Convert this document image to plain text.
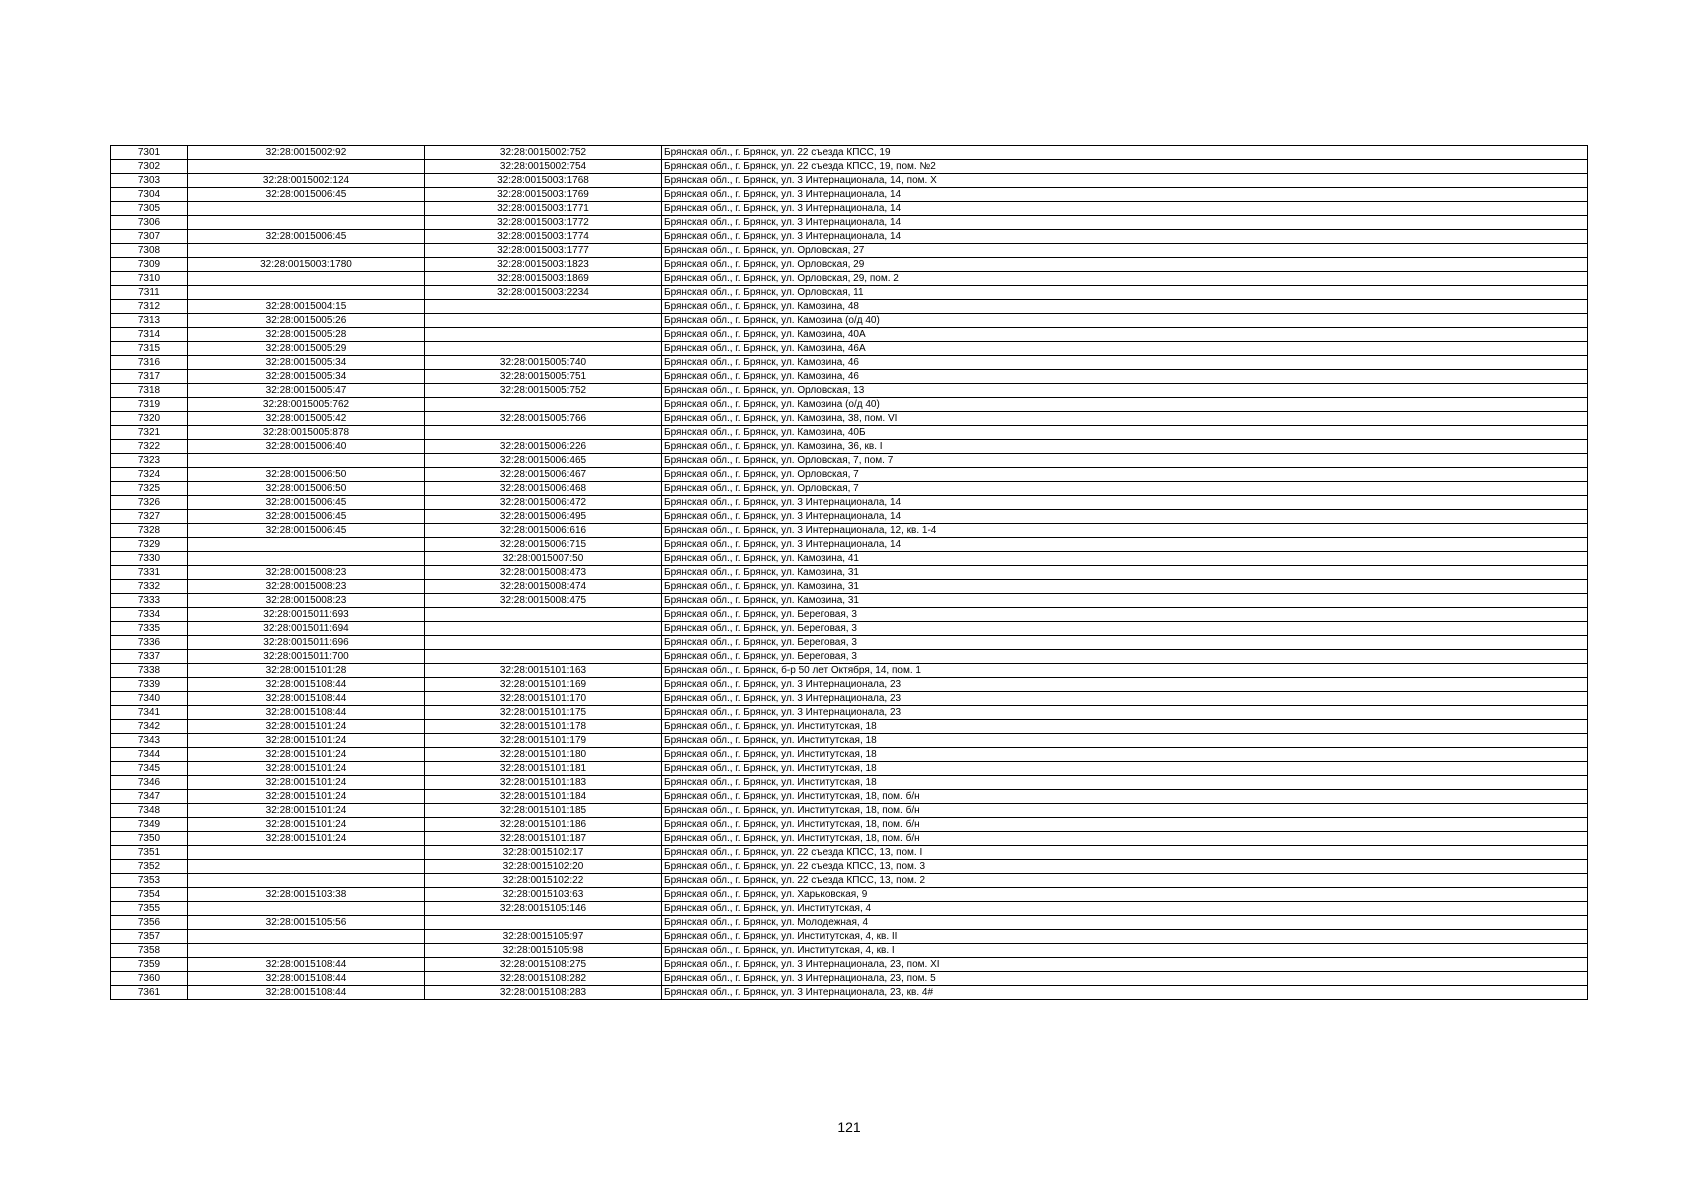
7301	32:28:0015002:92	32:28:0015002:752	Брянская обл., г. Брянск, ул. 22 съезда КПСС, 19
7302		32:28:0015002:754	Брянская обл., г. Брянск, ул. 22 съезда КПСС, 19, пом. №2
7303	32:28:0015002:124	32:28:0015003:1768	Брянская обл., г. Брянск, ул. 3 Интернационала, 14, пом. X
7304	32:28:0015006:45	32:28:0015003:1769	Брянская обл., г. Брянск, ул. 3 Интернационала, 14
7305		32:28:0015003:1771	Брянская обл., г. Брянск, ул. 3 Интернационала, 14
7306		32:28:0015003:1772	Брянская обл., г. Брянск, ул. 3 Интернационала, 14
7307	32:28:0015006:45	32:28:0015003:1774	Брянская обл., г. Брянск, ул. 3 Интернационала, 14
7308		32:28:0015003:1777	Брянская обл., г. Брянск, ул. Орловская, 27
7309	32:28:0015003:1780	32:28:0015003:1823	Брянская обл., г. Брянск, ул. Орловская, 29
7310		32:28:0015003:1869	Брянская обл., г. Брянск, ул. Орловская, 29, пом. 2
7311		32:28:0015003:2234	Брянская обл., г. Брянск, ул. Орловская, 11
7312	32:28:0015004:15		Брянская обл., г. Брянск, ул. Камозина, 48
7313	32:28:0015005:26		Брянская обл., г. Брянск, ул. Камозина (о/д 40)
7314	32:28:0015005:28		Брянская обл., г. Брянск, ул. Камозина, 40А
7315	32:28:0015005:29		Брянская обл., г. Брянск, ул. Камозина, 46А
7316	32:28:0015005:34	32:28:0015005:740	Брянская обл., г. Брянск, ул. Камозина, 46
7317	32:28:0015005:34	32:28:0015005:751	Брянская обл., г. Брянск, ул. Камозина, 46
7318	32:28:0015005:47	32:28:0015005:752	Брянская обл., г. Брянск, ул. Орловская, 13
7319	32:28:0015005:762		Брянская обл., г. Брянск, ул. Камозина (о/д 40)
7320	32:28:0015005:42	32:28:0015005:766	Брянская обл., г. Брянск, ул. Камозина, 38, пом. VI
7321	32:28:0015005:878		Брянская обл., г. Брянск, ул. Камозина, 40Б
7322	32:28:0015006:40	32:28:0015006:226	Брянская обл., г. Брянск, ул. Камозина, 36, кв. I
7323		32:28:0015006:465	Брянская обл., г. Брянск, ул. Орловская, 7, пом. 7
7324	32:28:0015006:50	32:28:0015006:467	Брянская обл., г. Брянск, ул. Орловская, 7
7325	32:28:0015006:50	32:28:0015006:468	Брянская обл., г. Брянск, ул. Орловская, 7
7326	32:28:0015006:45	32:28:0015006:472	Брянская обл., г. Брянск, ул. 3 Интернационала, 14
7327	32:28:0015006:45	32:28:0015006:495	Брянская обл., г. Брянск, ул. 3 Интернационала, 14
7328	32:28:0015006:45	32:28:0015006:616	Брянская обл., г. Брянск, ул. 3 Интернационала, 12, кв. 1-4
7329		32:28:0015006:715	Брянская обл., г. Брянск, ул. 3 Интернационала, 14
7330		32:28:0015007:50	Брянская обл., г. Брянск, ул. Камозина, 41
7331	32:28:0015008:23	32:28:0015008:473	Брянская обл., г. Брянск, ул. Камозина, 31
7332	32:28:0015008:23	32:28:0015008:474	Брянская обл., г. Брянск, ул. Камозина, 31
7333	32:28:0015008:23	32:28:0015008:475	Брянская обл., г. Брянск, ул. Камозина, 31
7334	32:28:0015011:693		Брянская обл., г. Брянск, ул. Береговая, 3
7335	32:28:0015011:694		Брянская обл., г. Брянск, ул. Береговая, 3
7336	32:28:0015011:696		Брянская обл., г. Брянск, ул. Береговая, 3
7337	32:28:0015011:700		Брянская обл., г. Брянск, ул. Береговая, 3
7338	32:28:0015101:28	32:28:0015101:163	Брянская обл., г. Брянск, б-р 50 лет Октября, 14, пом. 1
7339	32:28:0015108:44	32:28:0015101:169	Брянская обл., г. Брянск, ул. 3 Интернационала, 23
7340	32:28:0015108:44	32:28:0015101:170	Брянская обл., г. Брянск, ул. 3 Интернационала, 23
7341	32:28:0015108:44	32:28:0015101:175	Брянская обл., г. Брянск, ул. 3 Интернационала, 23
7342	32:28:0015101:24	32:28:0015101:178	Брянская обл., г. Брянск, ул. Институтская, 18
7343	32:28:0015101:24	32:28:0015101:179	Брянская обл., г. Брянск, ул. Институтская, 18
7344	32:28:0015101:24	32:28:0015101:180	Брянская обл., г. Брянск, ул. Институтская, 18
7345	32:28:0015101:24	32:28:0015101:181	Брянская обл., г. Брянск, ул. Институтская, 18
7346	32:28:0015101:24	32:28:0015101:183	Брянская обл., г. Брянск, ул. Институтская, 18
7347	32:28:0015101:24	32:28:0015101:184	Брянская обл., г. Брянск, ул. Институтская, 18, пом. б/н
7348	32:28:0015101:24	32:28:0015101:185	Брянская обл., г. Брянск, ул. Институтская, 18, пом. б/н
7349	32:28:0015101:24	32:28:0015101:186	Брянская обл., г. Брянск, ул. Институтская, 18, пом. б/н
7350	32:28:0015101:24	32:28:0015101:187	Брянская обл., г. Брянск, ул. Институтская, 18, пом. б/н
7351		32:28:0015102:17	Брянская обл., г. Брянск, ул. 22 съезда КПСС, 13, пом. I
7352		32:28:0015102:20	Брянская обл., г. Брянск, ул. 22 съезда КПСС, 13, пом. 3
7353		32:28:0015102:22	Брянская обл., г. Брянск, ул. 22 съезда КПСС, 13, пом. 2
7354	32:28:0015103:38	32:28:0015103:63	Брянская обл., г. Брянск, ул. Харьковская, 9
7355		32:28:0015105:146	Брянская обл., г. Брянск, ул. Институтская, 4
7356	32:28:0015105:56		Брянская обл., г. Брянск, ул. Молодежная, 4
7357		32:28:0015105:97	Брянская обл., г. Брянск, ул. Институтская, 4, кв. II
7358		32:28:0015105:98	Брянская обл., г. Брянск, ул. Институтская, 4, кв. I
7359	32:28:0015108:44	32:28:0015108:275	Брянская обл., г. Брянск, ул. 3 Интернационала, 23, пом. XI
7360	32:28:0015108:44	32:28:0015108:282	Брянская обл., г. Брянск, ул. 3 Интернационала, 23, пом. 5
7361	32:28:0015108:44	32:28:0015108:283	Брянская обл., г. Брянск, ул. 3 Интернационала, 23, кв. 4#
121
